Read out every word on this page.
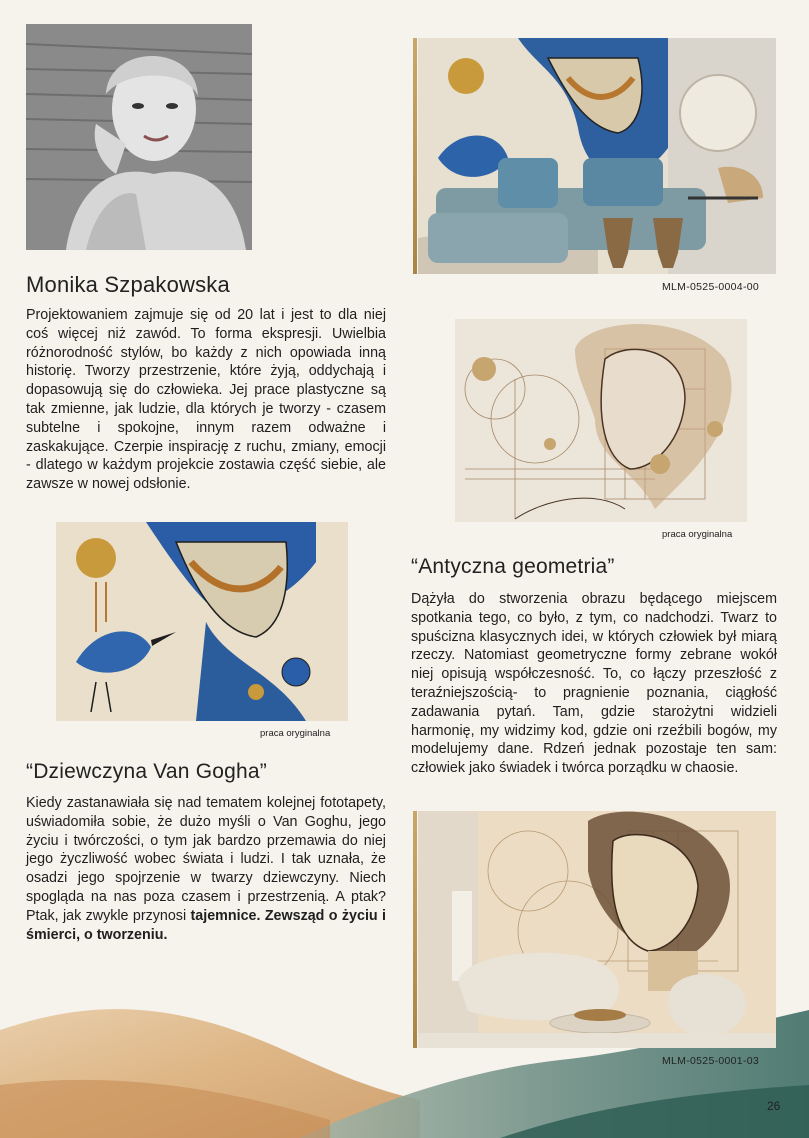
Monika Szpakowska
Projektowaniem zajmuje się od 20 lat i jest to dla niej coś więcej niż zawód. To forma ekspresji. Uwielbia różnorodność stylów, bo każdy z nich opowiada inną historię. Tworzy przestrzenie, które żyją, oddychają i dopasowują się do człowieka. Jej prace plastyczne są tak zmienne, jak ludzie, dla których je tworzy - czasem subtelne i spokojne, innym razem odważne i zaskakujące. Czerpie inspirację z ruchu, zmiany, emocji - dlatego w każdym projekcie zostawia część siebie, ale zawsze w nowej odsłonie.
MLM-0525-0004-00
praca oryginalna
“Antyczna geometria”
Dążyła do stworzenia obrazu będącego miejscem spotkania tego, co było, z tym, co nadchodzi. Twarz to spuścizna klasycznych idei, w których człowiek był miarą rzeczy. Natomiast geometryczne formy zebrane wokół niej opisują współczesność. To, co łączy przeszłość z teraźniejszością- to pragnienie poznania, ciągłość zadawania pytań. Tam, gdzie starożytni widzieli harmonię, my widzimy kod, gdzie oni rzeźbili bogów, my modelujemy dane. Rdzeń jednak pozostaje ten sam: człowiek jako świadek i twórca porządku w chaosie.
praca oryginalna
“Dziewczyna Van Gogha”
Kiedy zastanawiała się nad tematem kolejnej fototapety, uświadomiła sobie, że dużo myśli o Van Goghu, jego życiu i twórczości, o tym jak bardzo przemawia do niej jego życzliwość wobec świata i ludzi. I tak uznała, że osadzi jego spojrzenie w twarzy dziewczyny. Niech spogląda na nas poza czasem i przestrzenią. A ptak? Ptak, jak zwykle przynosi tajemnice. Zewsząd o życiu i śmierci, o tworzeniu.
MLM-0525-0001-03
26
